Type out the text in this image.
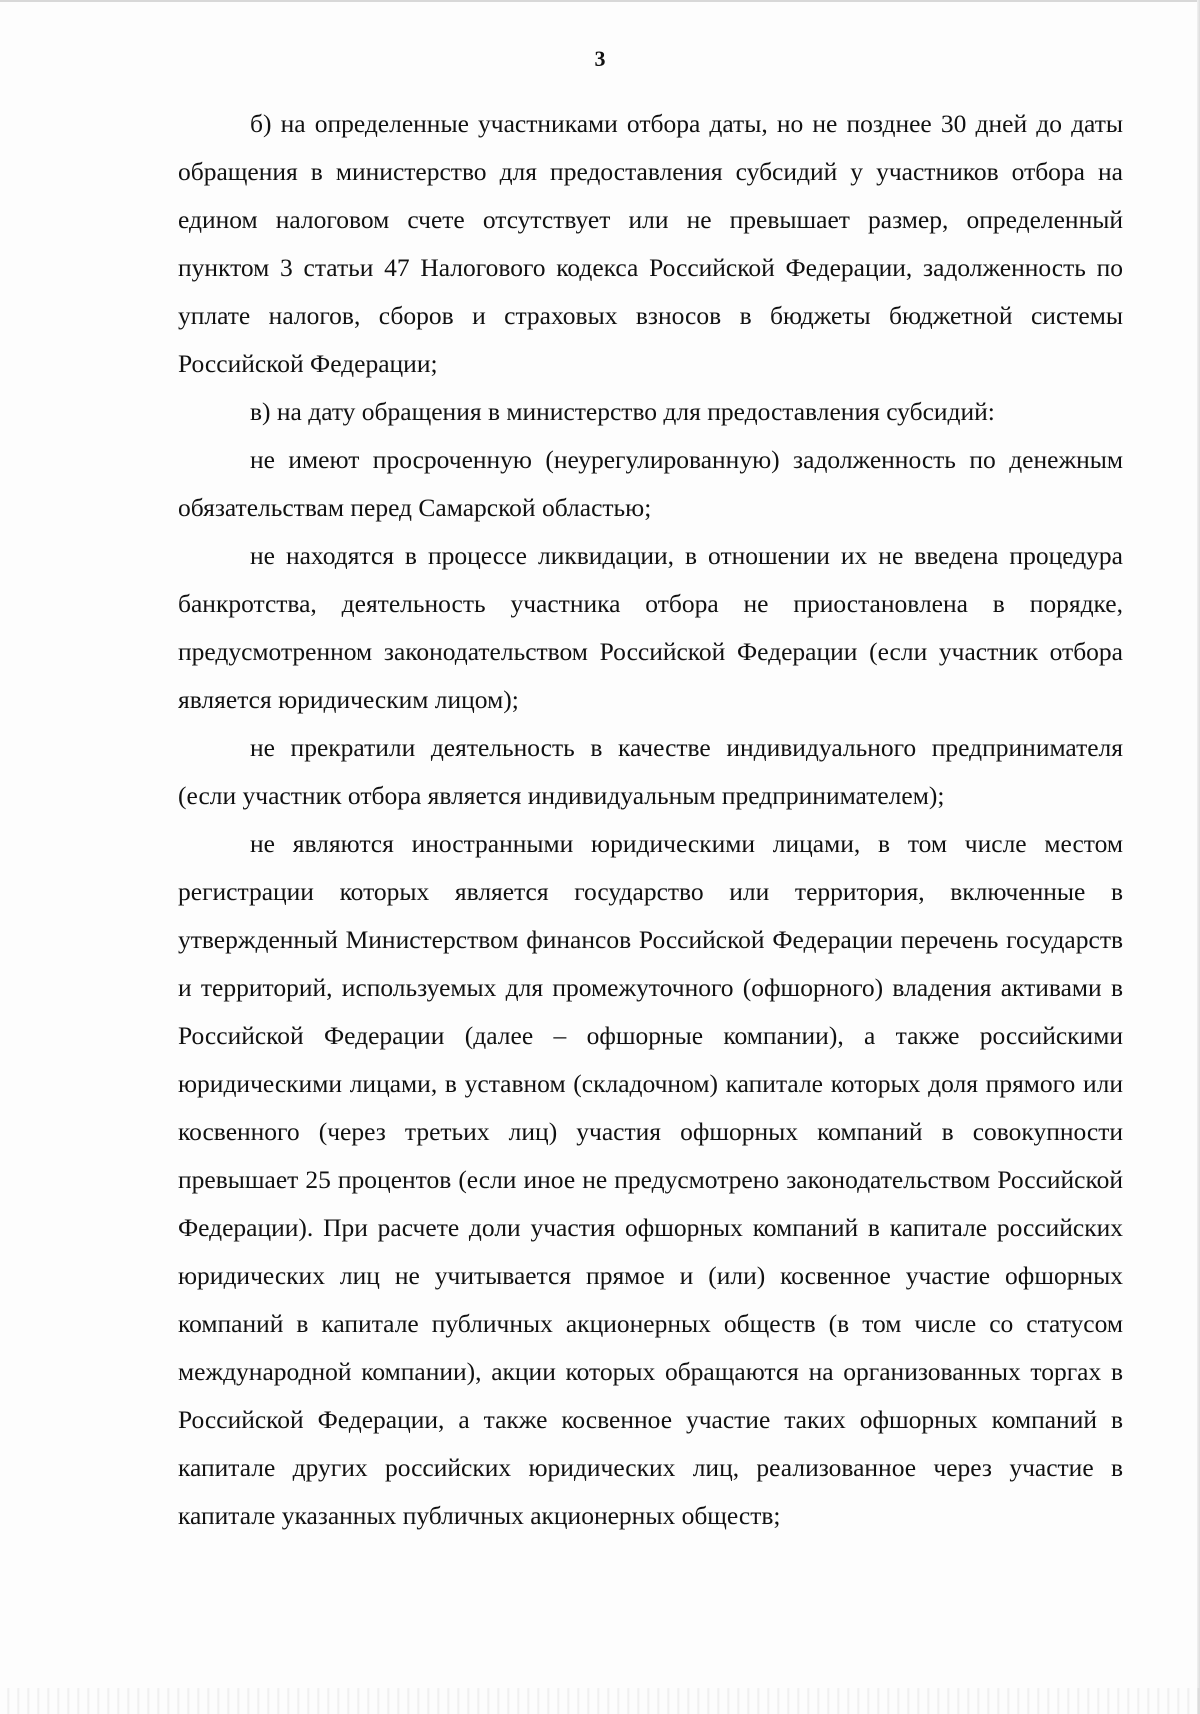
3

б) на определенные участниками отбора даты, но не позднее 30 дней до даты обращения в министерство для предоставления субсидий у участников отбора на едином налоговом счете отсутствует или не превышает размер, определенный пунктом 3 статьи 47 Налогового кодекса Российской Федерации, задолженность по уплате налогов, сборов и страховых взносов в бюджеты бюджетной системы Российской Федерации;

в) на дату обращения в министерство для предоставления субсидий:

не имеют просроченную (неурегулированную) задолженность по денежным обязательствам перед Самарской областью;

не находятся в процессе ликвидации, в отношении их не введена процедура банкротства, деятельность участника отбора не приостановлена в порядке, предусмотренном законодательством Российской Федерации (если участник отбора является юридическим лицом);

не прекратили деятельность в качестве индивидуального предпринимателя (если участник отбора является индивидуальным предпринимателем);

не являются иностранными юридическими лицами, в том числе местом регистрации которых является государство или территория, включенные в утвержденный Министерством финансов Российской Федерации перечень государств и территорий, используемых для промежуточного (офшорного) владения активами в Российской Федерации (далее – офшорные компании), а также российскими юридическими лицами, в уставном (складочном) капитале которых доля прямого или косвенного (через третьих лиц) участия офшорных компаний в совокупности превышает 25 процентов (если иное не предусмотрено законодательством Российской Федерации). При расчете доли участия офшорных компаний в капитале российских юридических лиц не учитывается прямое и (или) косвенное участие офшорных компаний в капитале публичных акционерных обществ (в том числе со статусом международной компании), акции которых обращаются на организованных торгах в Российской Федерации, а также косвенное участие таких офшорных компаний в капитале других российских юридических лиц, реализованное через участие в капитале указанных публичных акционерных обществ;
